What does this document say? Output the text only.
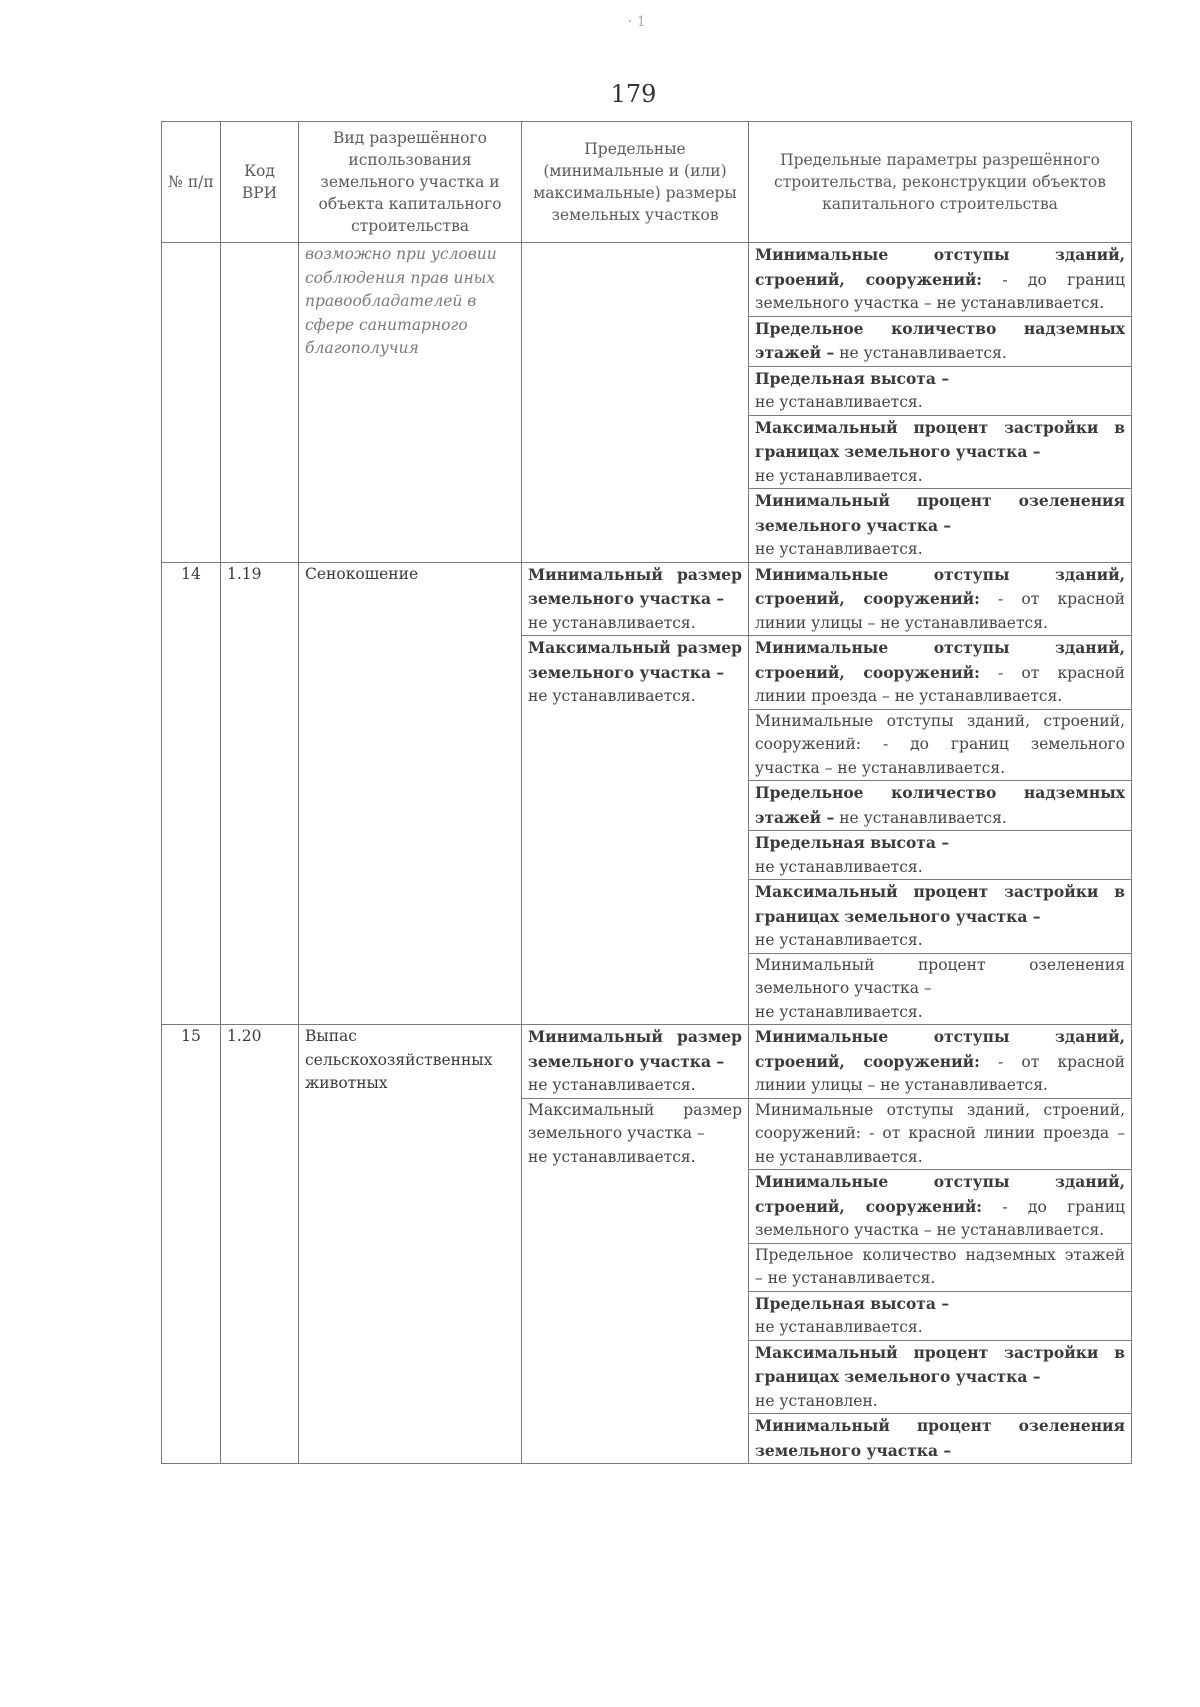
· 1
179
№ п/п	Код ВРИ	Вид разрешённого использования земельного участка и объекта капитального строительства	Предельные (минимальные и (или) максимальные) размеры земельных участков	Предельные параметры разрешённого строительства, реконструкции объектов капитального строительства
		возможно при условии соблюдения прав иных правообладателей в сфере санитарного благополучия		Минимальные отступы зданий, строений, сооружений: - до границ земельного участка – не устанавливается.
				Предельное количество надземных этажей – не устанавливается.
				Предельная высота –
не устанавливается.
				Максимальный процент застройки в границах земельного участка –
не устанавливается.
				Минимальный процент озеленения земельного участка –
не устанавливается.
14	1.19	Сенокошение	Минимальный размер земельного участка –
не устанавливается.	Минимальные отступы зданий, строений, сооружений: - от красной линии улицы – не устанавливается.
			Максимальный размер земельного участка –
не устанавливается.	Минимальные отступы зданий, строений, сооружений: - от красной линии проезда – не устанавливается.
				Минимальные отступы зданий, строений, сооружений: - до границ земельного участка – не устанавливается.
				Предельное количество надземных этажей – не устанавливается.
				Предельная высота –
не устанавливается.
				Максимальный процент застройки в границах земельного участка –
не устанавливается.
				Минимальный процент озеленения земельного участка –
не устанавливается.
15	1.20	Выпас сельскохозяйственных животных	Минимальный размер земельного участка –
не устанавливается.	Минимальные отступы зданий, строений, сооружений: - от красной линии улицы – не устанавливается.
			Максимальный размер земельного участка –
не устанавливается.	Минимальные отступы зданий, строений, сооружений: - от красной линии проезда – не устанавливается.
				Минимальные отступы зданий, строений, сооружений: - до границ земельного участка – не устанавливается.
				Предельное количество надземных этажей – не устанавливается.
				Предельная высота –
не устанавливается.
				Максимальный процент застройки в границах земельного участка –
не установлен.
				Минимальный процент озеленения земельного участка –
